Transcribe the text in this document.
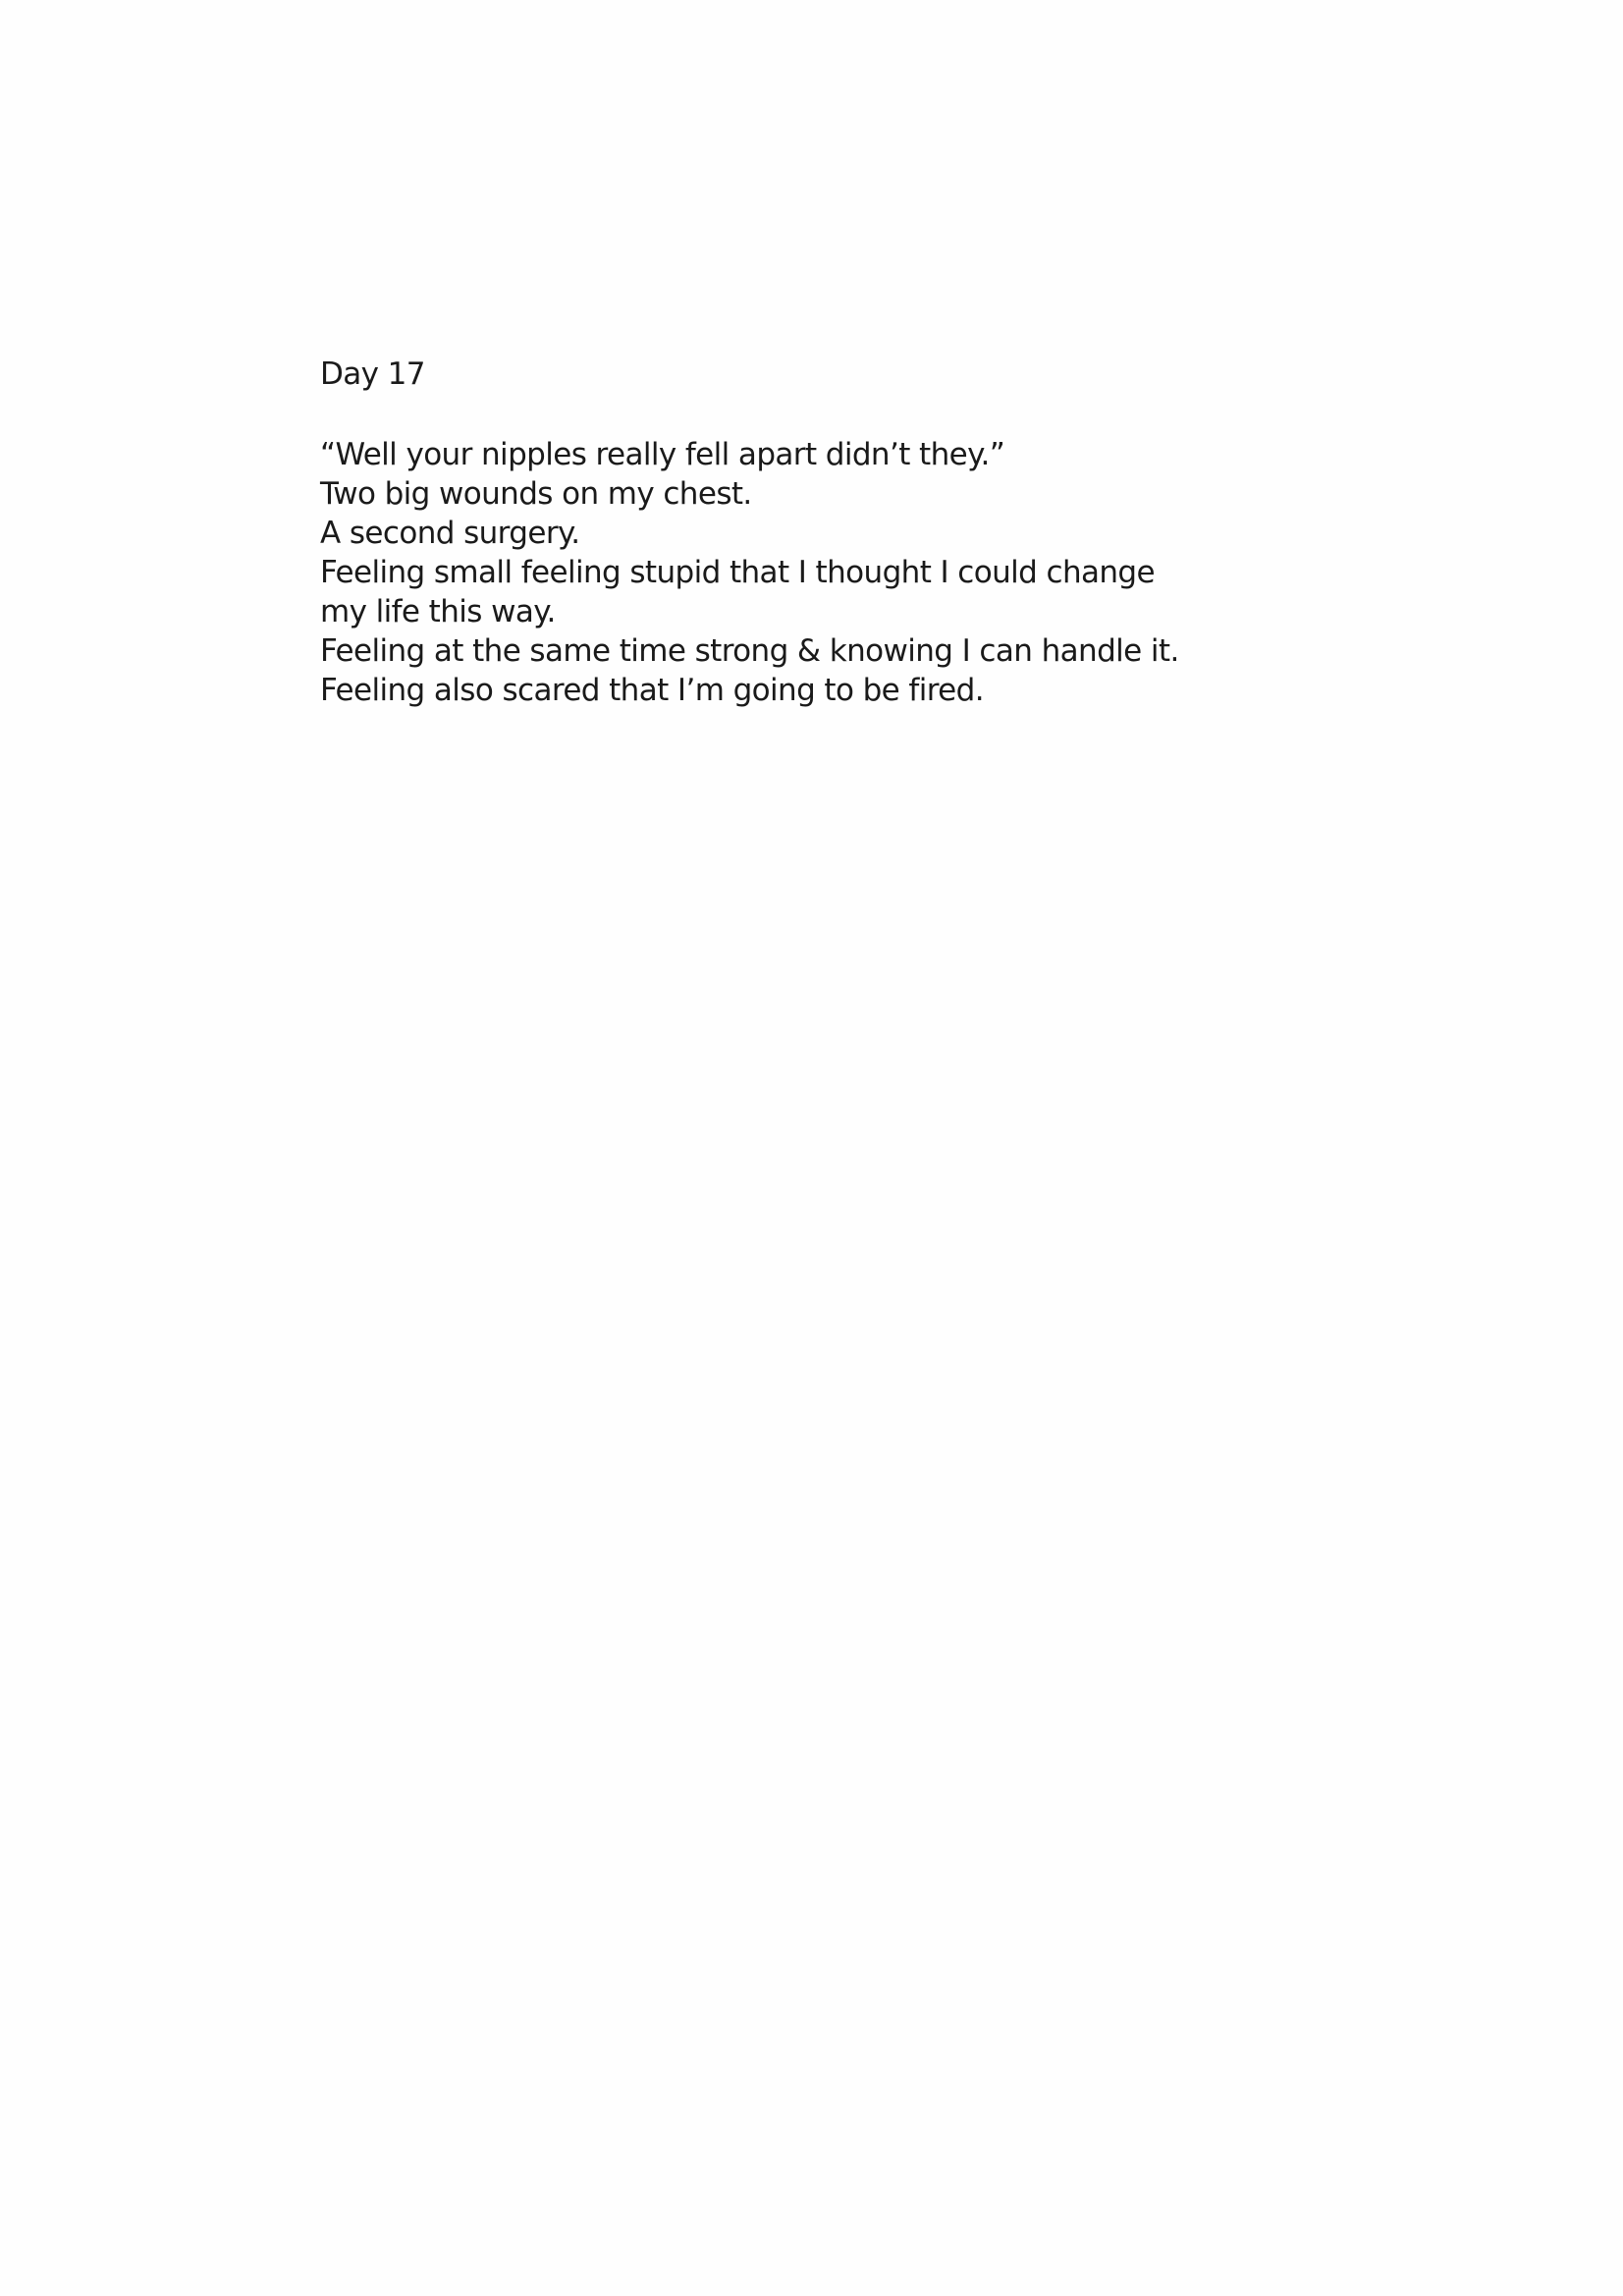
Day 17
“Well your nipples really fell apart didn’t they.”
Two big wounds on my chest.
A second surgery.
Feeling small feeling stupid that I thought I could change
my life this way.
Feeling at the same time strong & knowing I can handle it.
Feeling also scared that I’m going to be fired.
